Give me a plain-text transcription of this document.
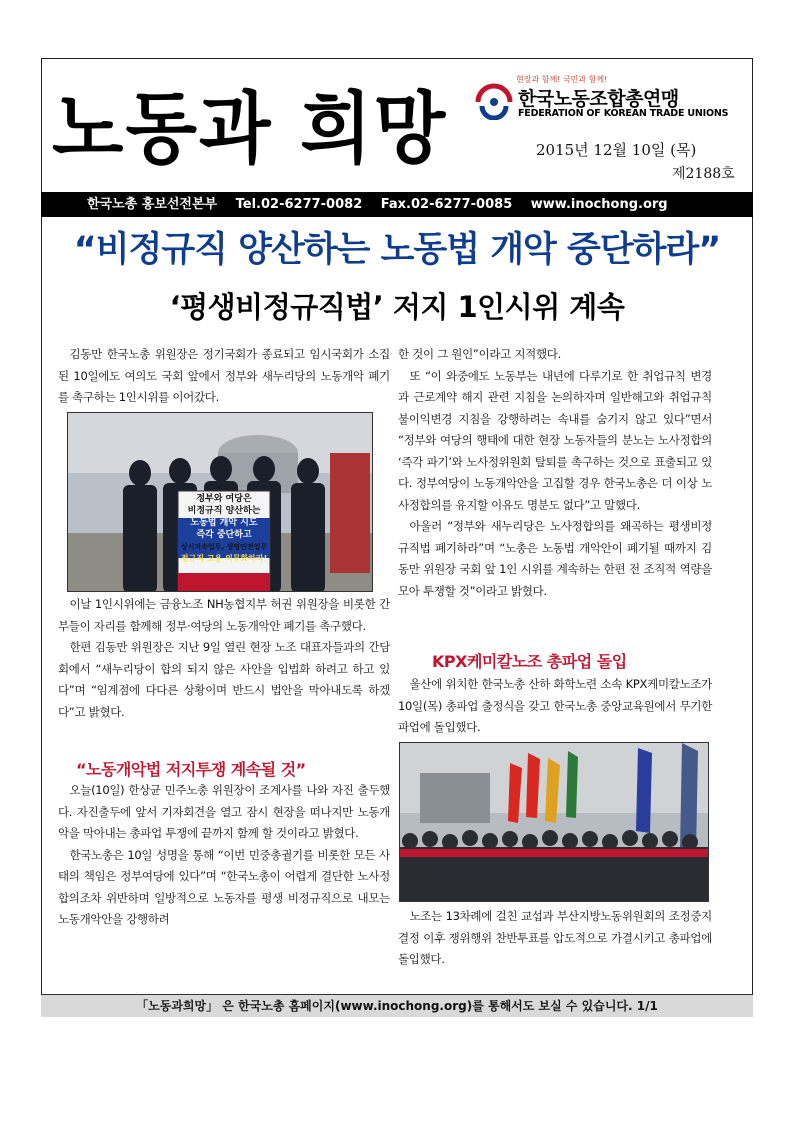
노동과 희망
현장과 함께! 국민과 함께!
한국노동조합총연맹
FEDERATION OF KOREAN TRADE UNIONS
2015년 12월 10일 (목)
제2188호
한국노총 홍보선전본부 Tel.02-6277-0082 Fax.02-6277-0085 www.inochong.org
“비정규직 양산하는 노동법 개악 중단하라”
‘평생비정규직법’ 저지 1인시위 계속

김동만 한국노총 위원장은 정기국회가 종료되고 임시국회가 소집된 10일에도 여의도 국회 앞에서 정부와 새누리당의 노동개악 폐기를 촉구하는 1인시위를 이어갔다.

정부와 여당은
비정규직 양산하는
노동법 개악 시도
즉각 중단하고
상시지속업무, 생명안전업무
정규직 고용 의무화하라!

이날 1인시위에는 금융노조 NH농협지부 허권 위원장을 비롯한 간부들이 자리를 함께해 정부·여당의 노동개악안 폐기를 촉구했다.

한편 김동만 위원장은 지난 9일 열린 현장 노조 대표자들과의 간담회에서 “새누리당이 합의 되지 않은 사안을 입법화 하려고 하고 있다”며 “임계점에 다다른 상황이며 반드시 법안을 막아내도록 하겠다”고 밝혔다.

“노동개악법 저지투쟁 계속될 것”

오늘(10일) 한상균 민주노총 위원장이 조계사를 나와 자진 출두했다. 자진출두에 앞서 기자회견을 열고 잠시 현장을 떠나지만 노동개악을 막아내는 총파업 투쟁에 끝까지 함께 할 것이라고 밝혔다.

한국노총은 10일 성명을 통해 “이번 민중총궐기를 비롯한 모든 사태의 책임은 정부여당에 있다”며 “한국노총이 어렵게 결단한 노사정합의조차 위반하며 일방적으로 노동자를 평생 비정규직으로 내모는 노동개악안을 강행하려

한 것이 그 원인”이라고 지적했다.

또 “이 와중에도 노동부는 내년에 다루기로 한 취업규칙 변경과 근로계약 해지 관련 지침을 논의하자며 일반해고와 취업규칙 불이익변경 지침을 강행하려는 속내를 숨기지 않고 있다”면서 “정부와 여당의 행태에 대한 현장 노동자들의 분노는 노사정합의 ‘즉각 파기’와 노사정위원회 탈퇴를 촉구하는 것으로 표출되고 있다. 정부여당이 노동개악안을 고집할 경우 한국노총은 더 이상 노사정합의를 유지할 이유도 명분도 없다”고 말했다.

아울러 “정부와 새누리당은 노사정합의를 왜곡하는 평생비정규직법 폐기하라”며 “노총은 노동법 개악안이 폐기될 때까지 김동만 위원장 국회 앞 1인 시위를 계속하는 한편 전 조직적 역량을 모아 투쟁할 것”이라고 밝혔다.

KPX케미칼노조 총파업 돌입

울산에 위치한 한국노총 산하 화학노련 소속 KPX케미칼노조가 10일(목) 총파업 출정식을 갖고 한국노총 중앙교육원에서 무기한 파업에 돌입했다.

노조는 13차례에 걸친 교섭과 부산지방노동위원회의 조정중지결정 이후 쟁위행위 찬반투표를 압도적으로 가결시키고 총파업에 돌입했다.

「노동과희망」 은 한국노총 홈페이지(www.inochong.org)를 통해서도 보실 수 있습니다. 1/1
